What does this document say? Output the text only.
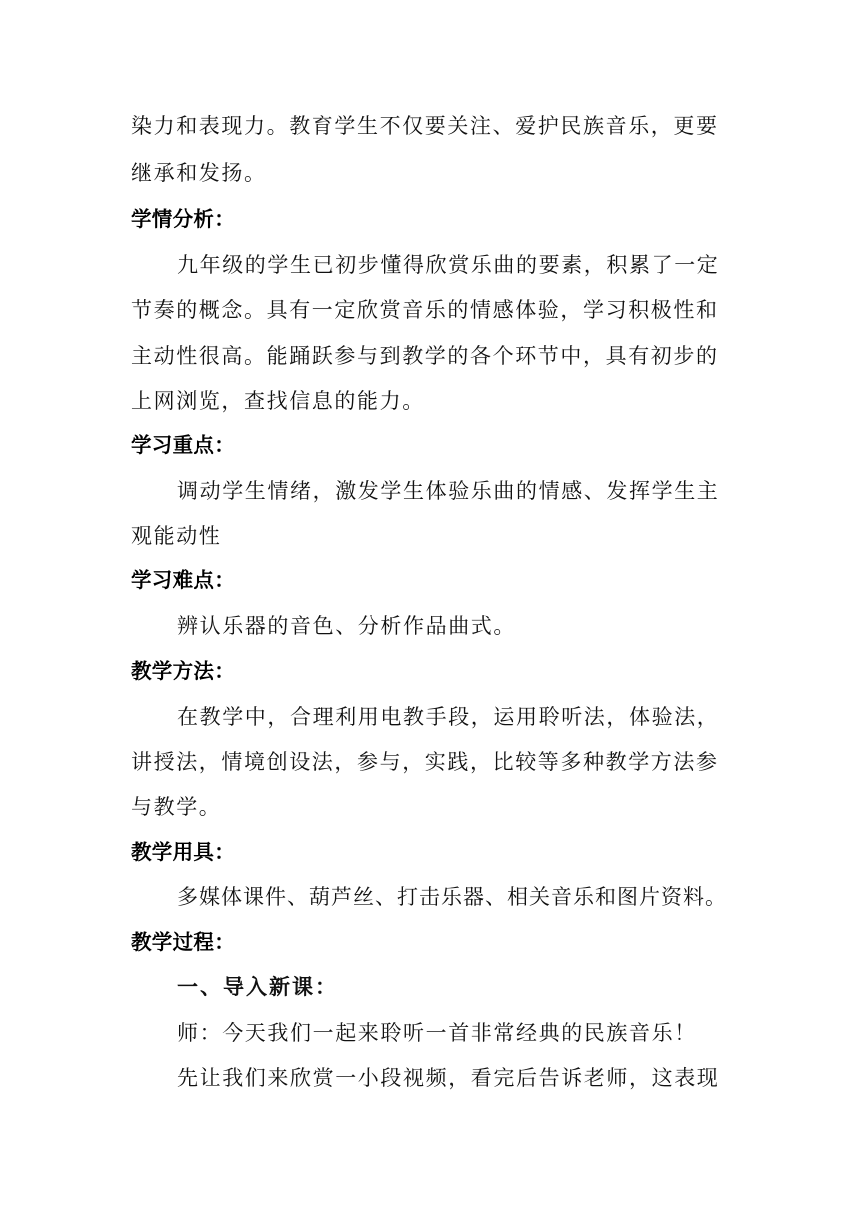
染力和表现力。教育学生不仅要关注、爱护民族音乐，更要
继承和发扬。
学情分析：
九年级的学生已初步懂得欣赏乐曲的要素，积累了一定
节奏的概念。具有一定欣赏音乐的情感体验，学习积极性和
主动性很高。能踊跃参与到教学的各个环节中，具有初步的
上网浏览，查找信息的能力。
学习重点：
调动学生情绪，激发学生体验乐曲的情感、发挥学生主
观能动性
学习难点：
辨认乐器的音色、分析作品曲式。
教学方法：
在教学中，合理利用电教手段，运用聆听法，体验法，
讲授法，情境创设法，参与，实践，比较等多种教学方法参
与教学。
教学用具：
多媒体课件、葫芦丝、打击乐器、相关音乐和图片资料。
教学过程：
一、导入新课：
师：今天我们一起来聆听一首非常经典的民族音乐！
先让我们来欣赏一小段视频，看完后告诉老师，这表现
